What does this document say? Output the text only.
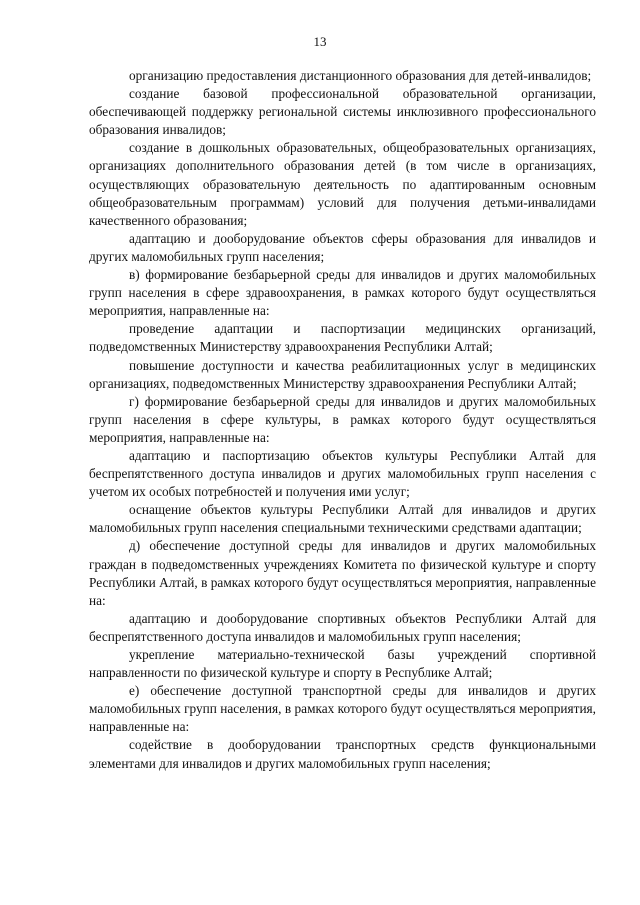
13

организацию предоставления дистанционного образования для детей-инвалидов;

создание базовой профессиональной образовательной организации, обеспечивающей поддержку региональной системы инклюзивного профессионального образования инвалидов;

создание в дошкольных образовательных, общеобразовательных организациях, организациях дополнительного образования детей (в том числе в организациях, осуществляющих образовательную деятельность по адаптированным основным общеобразовательным программам) условий для получения детьми-инвалидами качественного образования;

адаптацию и дооборудование объектов сферы образования для инвалидов и других маломобильных групп населения;

в) формирование безбарьерной среды для инвалидов и других маломобильных групп населения в сфере здравоохранения, в рамках которого будут осуществляться мероприятия, направленные на:

проведение адаптации и паспортизации медицинских организаций, подведомственных Министерству здравоохранения Республики Алтай;

повышение доступности и качества реабилитационных услуг в медицинских организациях, подведомственных Министерству здравоохранения Республики Алтай;

г) формирование безбарьерной среды для инвалидов и других маломобильных групп населения в сфере культуры, в рамках которого будут осуществляться мероприятия, направленные на:

адаптацию и паспортизацию объектов культуры Республики Алтай для беспрепятственного доступа инвалидов и других маломобильных групп населения с учетом их особых потребностей и получения ими услуг;

оснащение объектов культуры Республики Алтай для инвалидов и других маломобильных групп населения специальными техническими средствами адаптации;

д) обеспечение доступной среды для инвалидов и других маломобильных граждан в подведомственных учреждениях Комитета по физической культуре и спорту Республики Алтай, в рамках которого будут осуществляться мероприятия, направленные на:

адаптацию и дооборудование спортивных объектов Республики Алтай для беспрепятственного доступа инвалидов и маломобильных групп населения;

укрепление материально-технической базы учреждений спортивной направленности по физической культуре и спорту в Республике Алтай;

е) обеспечение доступной транспортной среды для инвалидов и других маломобильных групп населения, в рамках которого будут осуществляться мероприятия, направленные на:

содействие в дооборудовании транспортных средств функциональными элементами для инвалидов и других маломобильных групп населения;
